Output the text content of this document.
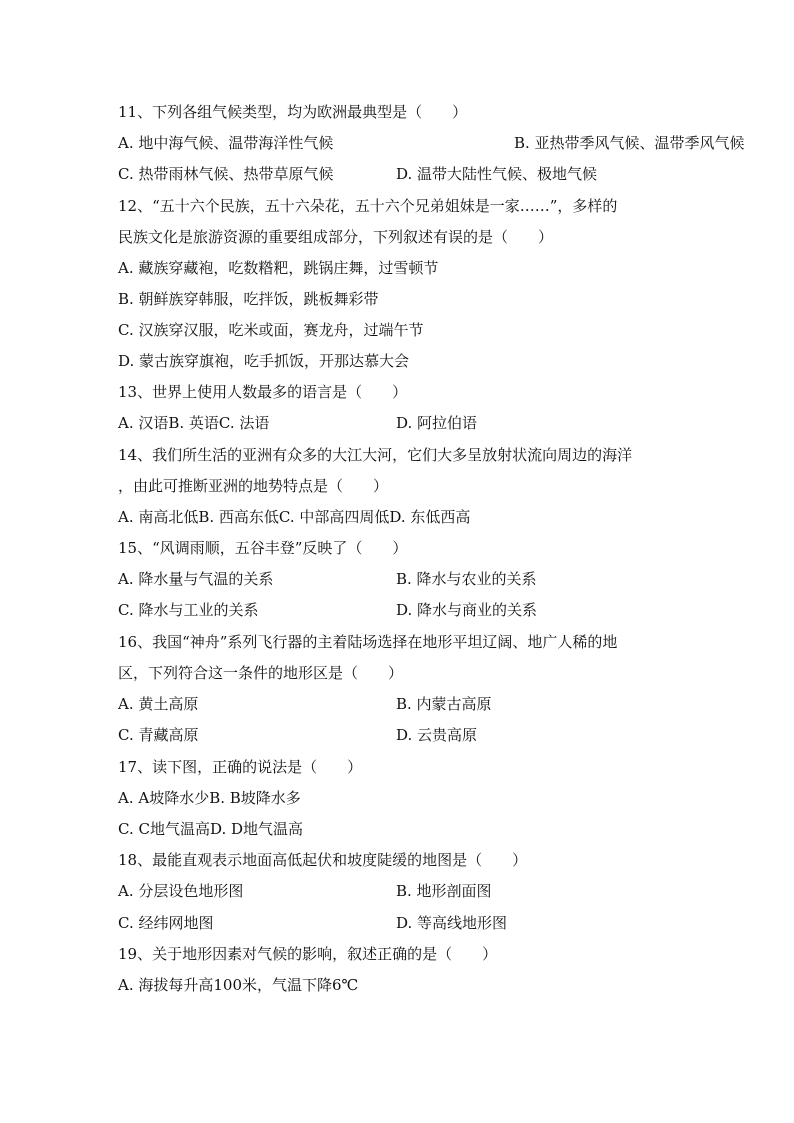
11、下列各组气候类型，均为欧洲最典型是（　　）
A. 地中海气候、温带海洋性气候	B. 亚热带季风气候、温带季风气候
C. 热带雨林气候、热带草原气候	D. 温带大陆性气候、极地气候
12、“五十六个民族，五十六朵花，五十六个兄弟姐妹是一家……”，多样的
民族文化是旅游资源的重要组成部分，下列叙述有误的是（　　）
A. 藏族穿藏袍，吃数糌粑，跳锅庄舞，过雪顿节
B. 朝鲜族穿韩服，吃拌饭，跳板舞彩带
C. 汉族穿汉服，吃米或面，赛龙舟，过端午节
D. 蒙古族穿旗袍，吃手抓饭，开那达慕大会
13、世界上使用人数最多的语言是（　　）
A. 汉语B. 英语C. 法语	D. 阿拉伯语
14、我们所生活的亚洲有众多的大江大河，它们大多呈放射状流向周边的海洋
，由此可推断亚洲的地势特点是（　　）
A. 南高北低B. 西高东低C. 中部高四周低D. 东低西高
15、“风调雨顺，五谷丰登”反映了（　　）
A. 降水量与气温的关系	B. 降水与农业的关系
C. 降水与工业的关系	D. 降水与商业的关系
16、我国“神舟”系列飞行器的主着陆场选择在地形平坦辽阔、地广人稀的地
区，下列符合这一条件的地形区是（　　）
A. 黄土高原	B. 内蒙古高原
C. 青藏高原	D. 云贵高原
17、读下图，正确的说法是（　　）
A. A坡降水少B. B坡降水多
C. C地气温高D. D地气温高
18、最能直观表示地面高低起伏和坡度陡缓的地图是（　　）
A. 分层设色地形图	B. 地形剖面图
C. 经纬网地图	D. 等高线地形图
19、关于地形因素对气候的影响，叙述正确的是（　　）
A. 海拔每升高100米，气温下降6℃
